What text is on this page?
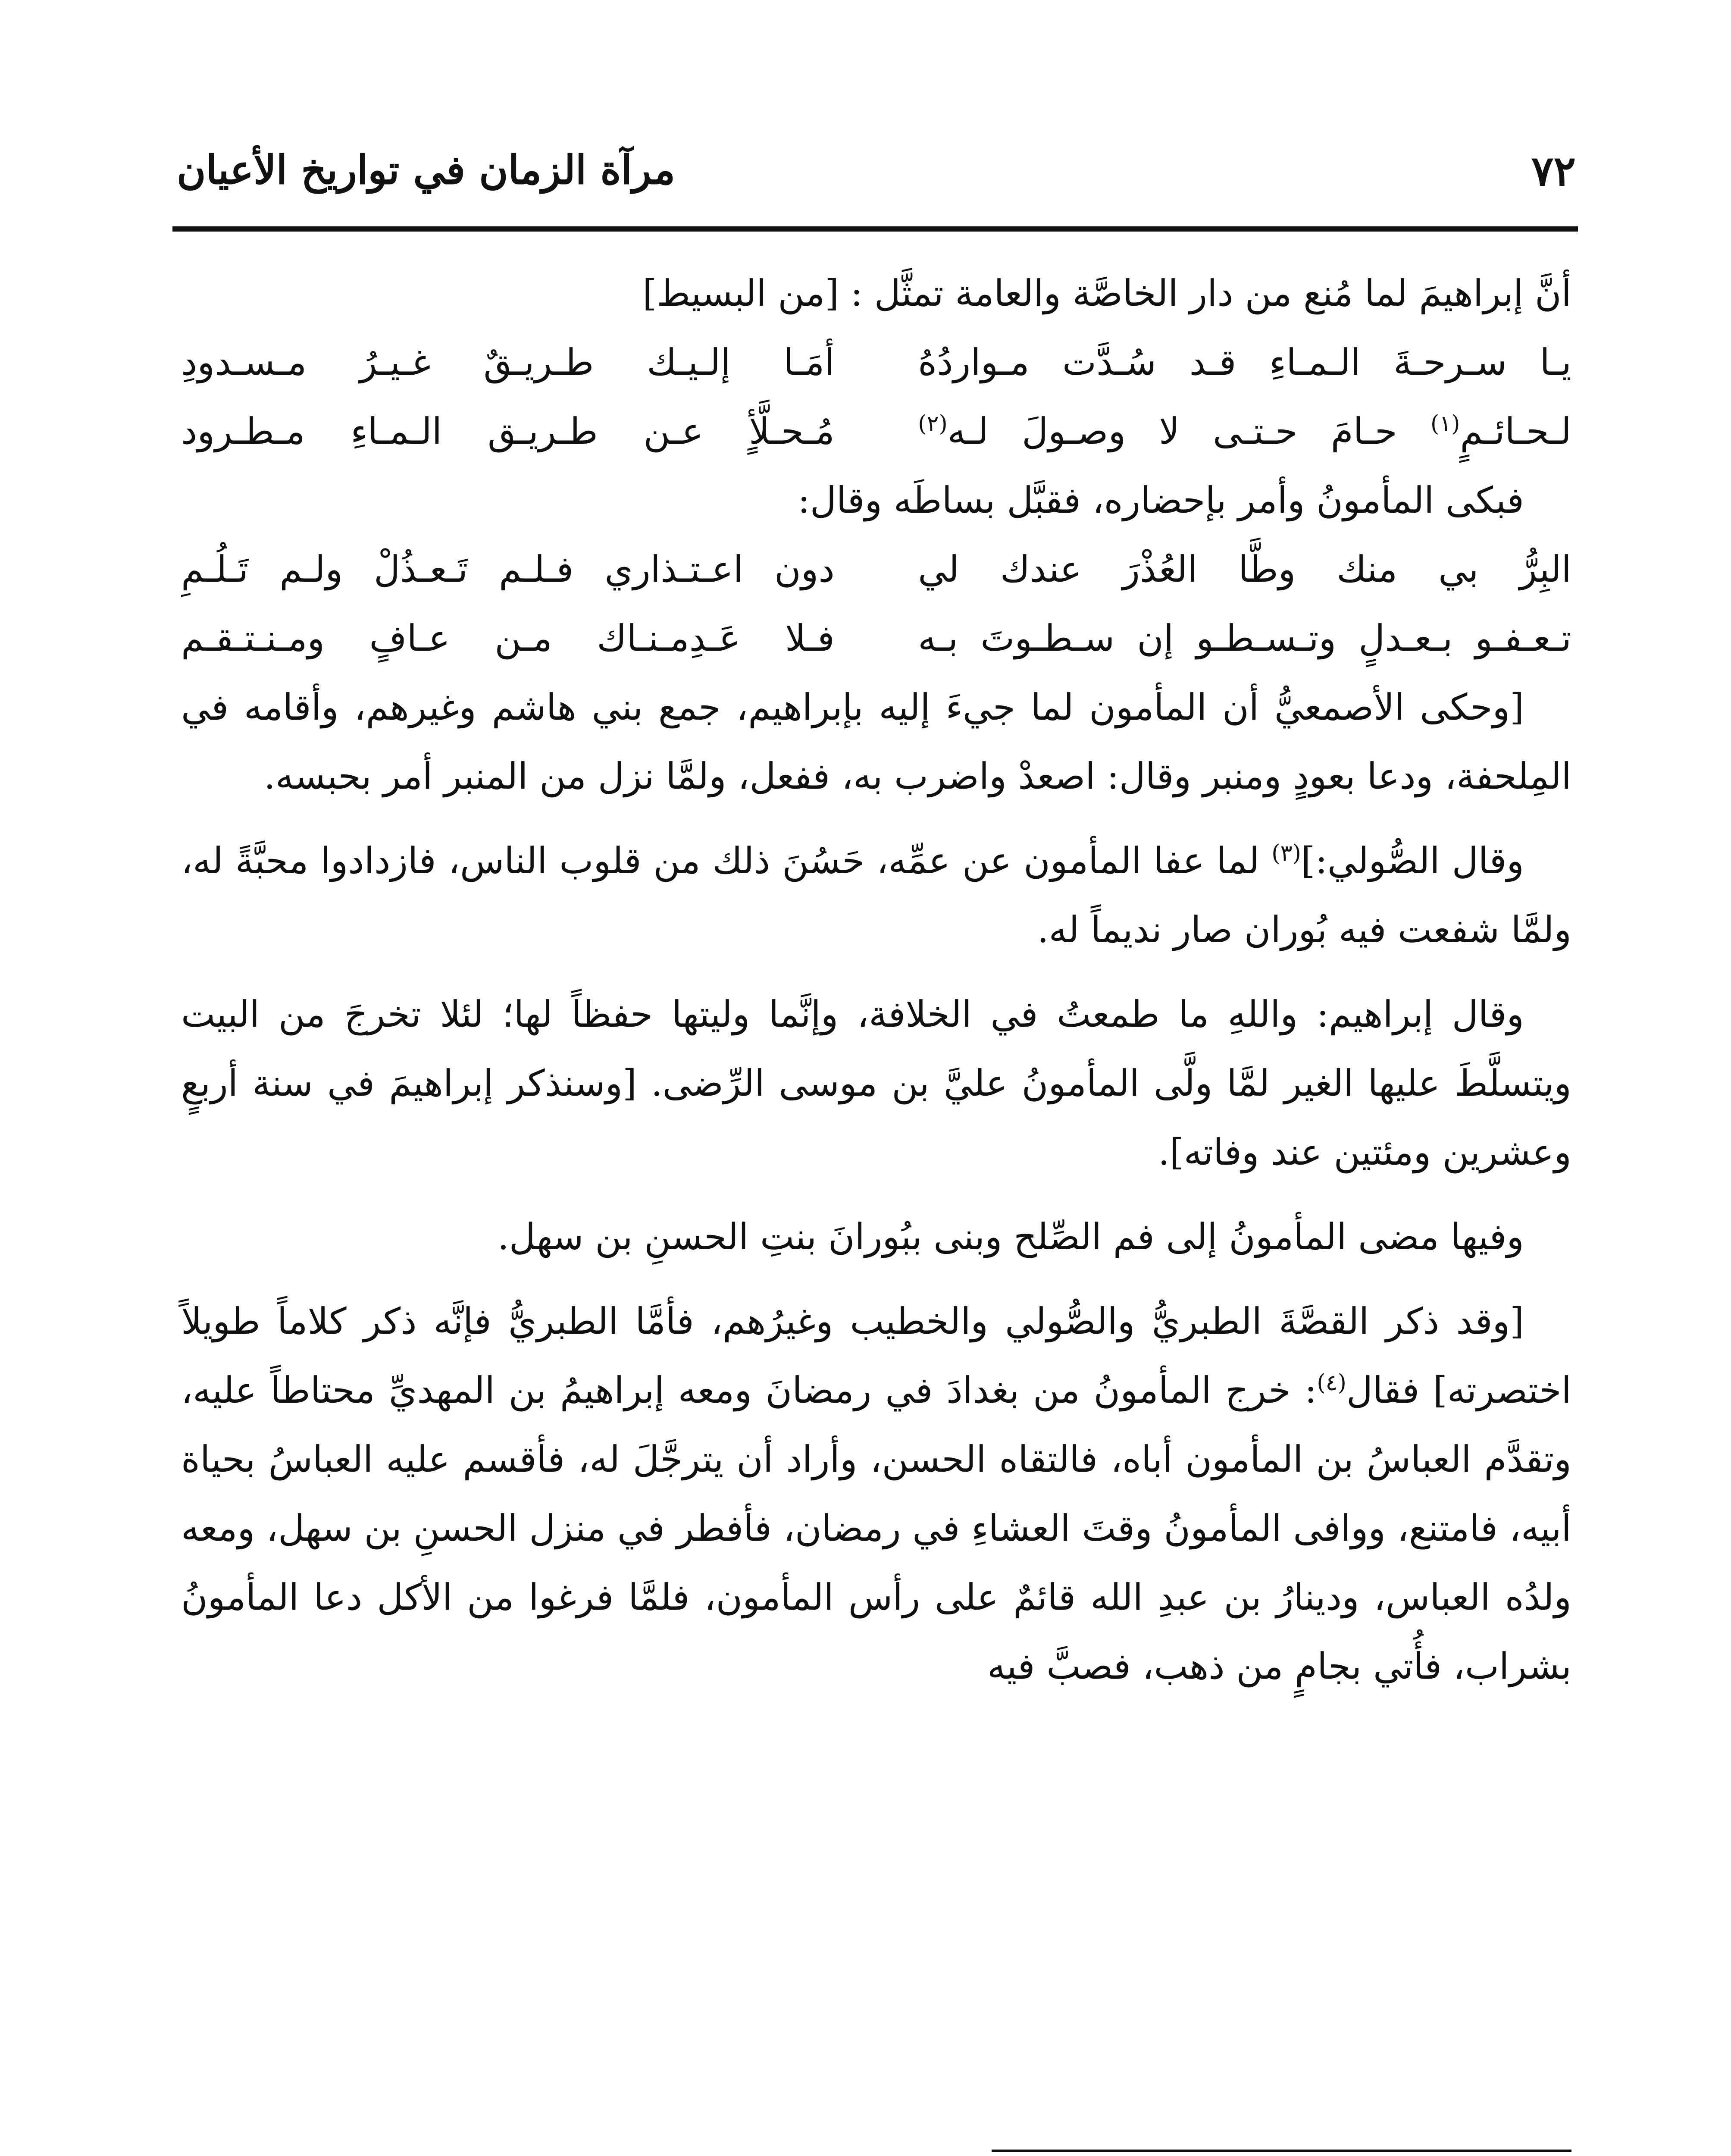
٧٢
مرآة الزمان في تواريخ الأعيان

أنَّ إبراهيمَ لما مُنع من دار الخاصَّة والعامة تمثَّل : [من البسيط]

يـا سـرحـةَ الـمـاءِ قـد سُـدَّت مـواردُهُ
أمَـا إلـيـك طـريـقٌ غـيـرُ مـسـدودِ
لـحـائـمٍ$^{(١)}$ حـامَ حـتـى لا وصـولَ لـه$^{(٢)}$
مُـحـلَّأٍ عـن طـريـق الـمـاءِ مـطـرود

فبكى المأمونُ وأمر بإحضاره، فقبَّل بساطَه وقال:

البِرُّ بي منك وطَّا العُذْرَ عندك لي
دون اعـتـذاري فـلـم تَـعـذُلْ ولـم تَـلُـمِ
تـعـفـو بـعـدلٍ وتـسـطـو إن سـطـوتَ بـه
فـلا عَـدِمـنـاك مـن عـافٍ ومـنـتـقـم

[وحكى الأصمعيُّ أن المأمون لما جيءَ إليه بإبراهيم، جمع بني هاشم وغيرهم، وأقامه في المِلحفة، ودعا بعودٍ ومنبر وقال: اصعدْ واضرب به، ففعل، ولمَّا نزل من المنبر أمر بحبسه.

وقال الصُّولي:]$^{(٣)}$ لما عفا المأمون عن عمِّه، حَسُنَ ذلك من قلوب الناس، فازدادوا محبَّةً له، ولمَّا شفعت فيه بُوران صار نديماً له.

وقال إبراهيم: واللهِ ما طمعتُ في الخلافة، وإنَّما وليتها حفظاً لها؛ لئلا تخرجَ من البيت ويتسلَّطَ عليها الغير لمَّا ولَّى المأمونُ عليَّ بن موسى الرِّضى. [وسنذكر إبراهيمَ في سنة أربعٍ وعشرين ومئتين عند وفاته].

وفيها مضى المأمونُ إلى فم الصِّلح وبنى ببُورانَ بنتِ الحسنِ بن سهل.

[وقد ذكر القصَّةَ الطبريُّ والصُّولي والخطيب وغيرُهم، فأمَّا الطبريُّ فإنَّه ذكر كلاماً طويلاً اختصرته] فقال$^{(٤)}$: خرج المأمونُ من بغدادَ في رمضانَ ومعه إبراهيمُ بن المهديِّ محتاطاً عليه، وتقدَّم العباسُ بن المأمون أباه، فالتقاه الحسن، وأراد أن يترجَّلَ له، فأقسم عليه العباسُ بحياة أبيه، فامتنع، ووافى المأمونُ وقتَ العشاءِ في رمضان، فأفطر في منزل الحسنِ بن سهل، ومعه ولدُه العباس، ودينارُ بن عبدِ الله قائمٌ على رأس المأمون، فلمَّا فرغوا من الأكل دعا المأمونُ بشراب، فأُتي بجامٍ من ذهب، فصبَّ فيه
